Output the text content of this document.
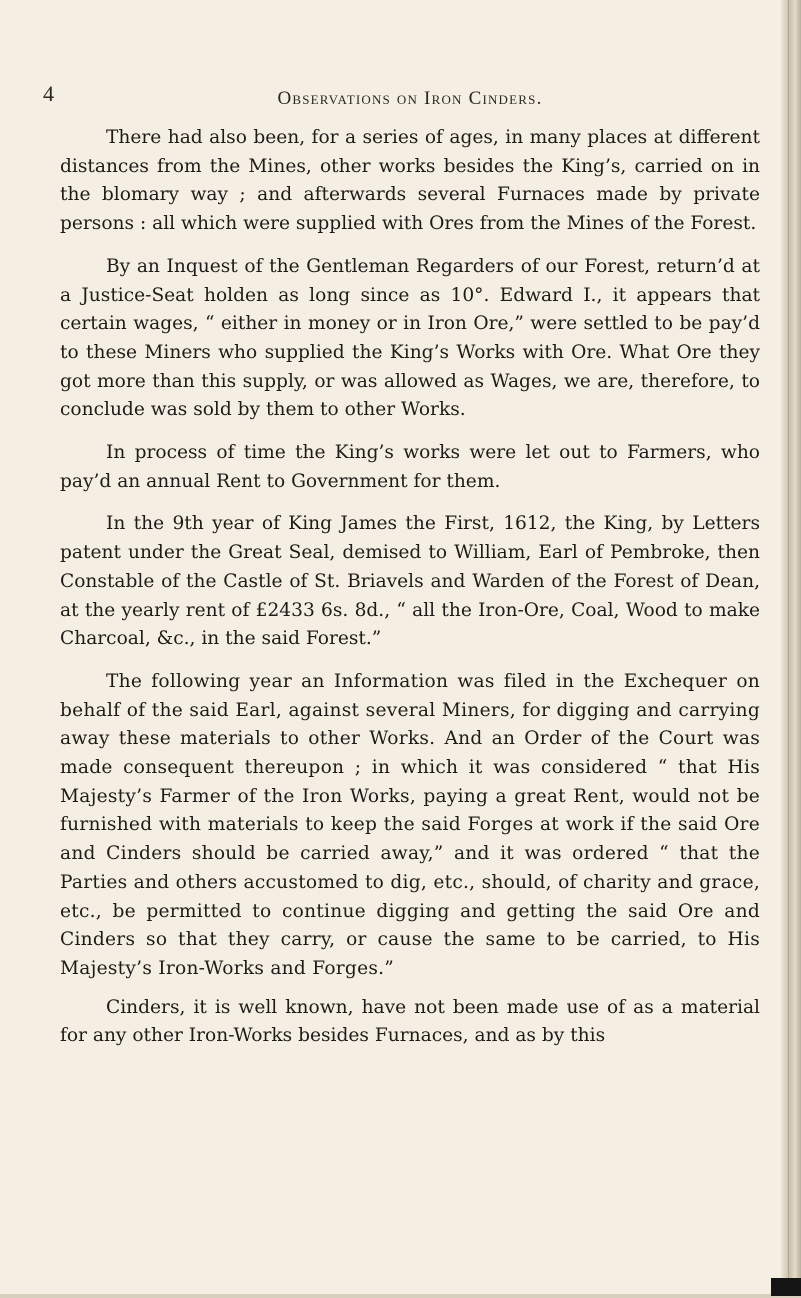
4	Observations on Iron Cinders.

There had also been, for a series of ages, in many places at different distances from the Mines, other works besides the King’s, carried on in the blomary way ; and afterwards several Furnaces made by private persons : all which were supplied with Ores from the Mines of the Forest.

By an Inquest of the Gentleman Regarders of our Forest, return’d at a Justice-Seat holden as long since as 10°. Edward I., it appears that certain wages, “ either in money or in Iron Ore,” were settled to be pay’d to these Miners who supplied the King’s Works with Ore. What Ore they got more than this supply, or was allowed as Wages, we are, therefore, to conclude was sold by them to other Works.

In process of time the King’s works were let out to Farmers, who pay’d an annual Rent to Government for them.

In the 9th year of King James the First, 1612, the King, by Letters patent under the Great Seal, demised to William, Earl of Pembroke, then Constable of the Castle of St. Briavels and Warden of the Forest of Dean, at the yearly rent of £2433 6s. 8d., “ all the Iron-Ore, Coal, Wood to make Charcoal, &c., in the said Forest.”

The following year an Information was filed in the Exchequer on behalf of the said Earl, against several Miners, for digging and carrying away these materials to other Works. And an Order of the Court was made consequent thereupon ; in which it was considered “ that His Majesty’s Farmer of the Iron Works, paying a great Rent, would not be furnished with materials to keep the said Forges at work if the said Ore and Cinders should be carried away,” and it was ordered “ that the Parties and others accustomed to dig, etc., should, of charity and grace, etc., be permitted to continue digging and getting the said Ore and Cinders so that they carry, or cause the same to be carried, to His Majesty’s Iron-Works and Forges.”

Cinders, it is well known, have not been made use of as a material for any other Iron-Works besides Furnaces, and as by this
